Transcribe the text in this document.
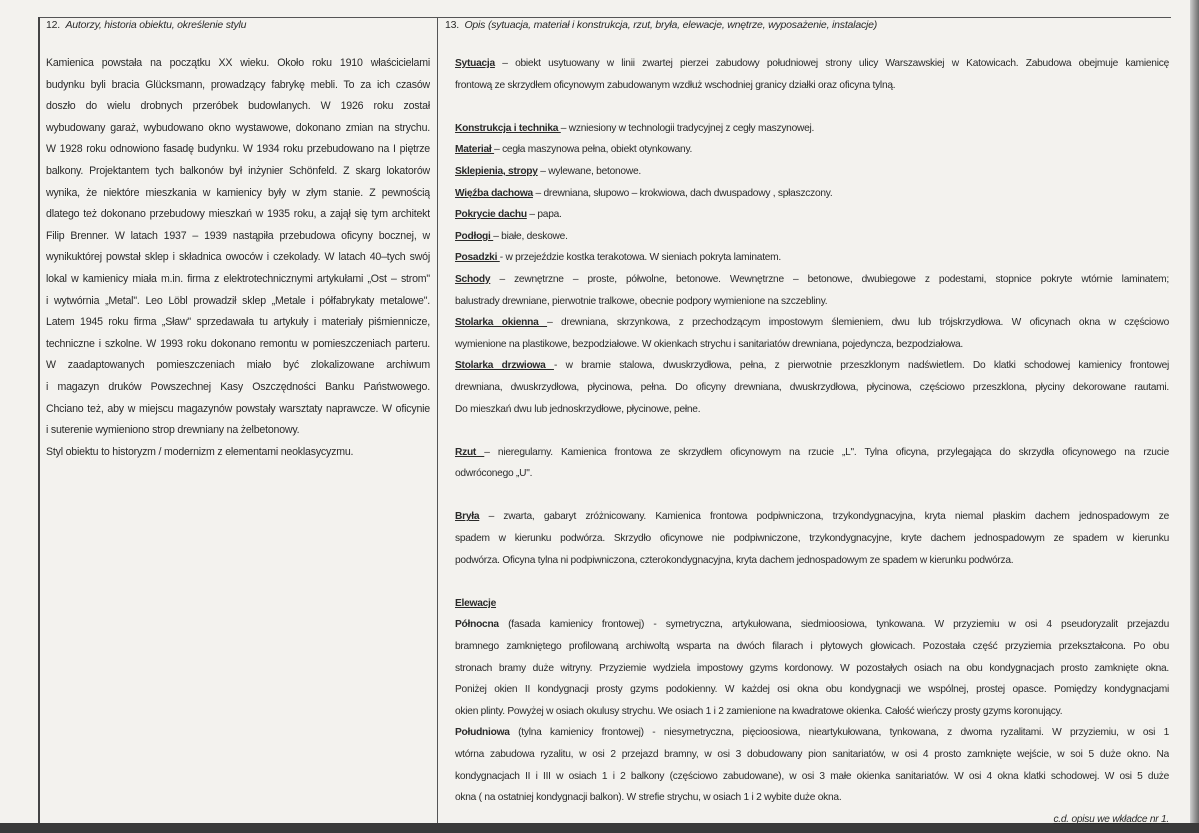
12. Autorzy, historia obiektu, określenie stylu	13. Opis (sytuacja, materiał i konstrukcja, rzut, bryła, elewacje, wnętrze, wyposażenie, instalacje)
Kamienica powstała na początku XX wieku. Około roku 1910 właścicielami
budynku byli bracia Glücksmann, prowadzący fabrykę mebli. To za ich czasów
doszło do wielu drobnych przeróbek budowlanych. W 1926 roku został
wybudowany garaż, wybudowano okno wystawowe, dokonano zmian na strychu.
W 1928 roku odnowiono fasadę budynku. W 1934 roku przebudowano na I piętrze
balkony. Projektantem tych balkonów był inżynier Schönfeld. Z skarg lokatorów
wynika, że niektóre mieszkania w kamienicy były w złym stanie. Z pewnością
dlatego też dokonano przebudowy mieszkań w 1935 roku, a zajął się tym architekt
Filip Brenner. W latach 1937 – 1939 nastąpiła przebudowa oficyny bocznej, w
wynikuktórej powstał sklep i składnica owoców i czekolady. W latach 40–tych swój
lokal w kamienicy miała m.in. firma z elektrotechnicznymi artykułami „Ost – strom"
i wytwórnia „Metal". Leo Löbl prowadził sklep „Metale i półfabrykaty metalowe".
Latem 1945 roku firma „Sław" sprzedawała tu artykuły i materiały piśmiennicze,
techniczne i szkolne. W 1993 roku dokonano remontu w pomieszczeniach parteru.
W zaadaptowanych pomieszczeniach miało być zlokalizowane archiwum
i magazyn druków Powszechnej Kasy Oszczędności Banku Państwowego.
Chciano też, aby w miejscu magazynów powstały warsztaty naprawcze. W oficynie
i suterenie wymieniono strop drewniany na żelbetonowy.
Styl obiektu to historyzm / modernizm z elementami neoklasycyzmu.
Sytuacja – obiekt usytuowany w linii zwartej pierzei zabudowy południowej strony ulicy Warszawskiej w Katowicach. Zabudowa obejmuje kamienicę
frontową ze skrzydłem oficynowym zabudowanym wzdłuż wschodniej granicy działki oraz oficyna tylną.
Konstrukcja i technika – wzniesiony w technologii tradycyjnej z cegły maszynowej.
Materiał – cegła maszynowa pełna, obiekt otynkowany.
Sklepienia, stropy – wylewane, betonowe.
Więźba dachowa – drewniana, słupowo – krokwiowa, dach dwuspadowy , spłaszczony.
Pokrycie dachu – papa.
Podłogi – białe, deskowe.
Posadzki - w przejeździe kostka terakotowa. W sieniach pokryta laminatem.
Schody – zewnętrzne – proste, półwolne, betonowe. Wewnętrzne – betonowe, dwubiegowe z podestami, stopnice pokryte wtórnie laminatem;
balustrady drewniane, pierwotnie tralkowe, obecnie podpory wymienione na szczebliny.
Stolarka okienna – drewniana, skrzynkowa, z przechodzącym impostowym ślemieniem, dwu lub trójskrzydłowa. W oficynach okna w częściowo
wymienione na plastikowe, bezpodziałowe. W okienkach strychu i sanitariatów drewniana, pojedyncza, bezpodziałowa.
Stolarka drzwiowa - w bramie stalowa, dwuskrzydłowa, pełna, z pierwotnie przeszklonym nadświetlem. Do klatki schodowej kamienicy frontowej
drewniana, dwuskrzydłowa, płycinowa, pełna. Do oficyny drewniana, dwuskrzydłowa, płycinowa, częściowo przeszklona, płyciny dekorowane rautami.
Do mieszkań dwu lub jednoskrzydłowe, płycinowe, pełne.
Rzut – nieregularny. Kamienica frontowa ze skrzydłem oficynowym na rzucie „L". Tylna oficyna, przylegająca do skrzydła oficynowego na rzucie
odwróconego „U".
Bryła – zwarta, gabaryt zróżnicowany. Kamienica frontowa podpiwniczona, trzykondygnacyjna, kryta niemal płaskim dachem jednospadowym ze
spadem w kierunku podwórza. Skrzydło oficynowe nie podpiwniczone, trzykondygnacyjne, kryte dachem jednospadowym ze spadem w kierunku
podwórza. Oficyna tylna ni podpiwniczona, czterokondygnacyjna, kryta dachem jednospadowym ze spadem w kierunku podwórza.
Elewacje
Północna (fasada kamienicy frontowej) - symetryczna, artykułowana, siedmioosiowa, tynkowana. W przyziemiu w osi 4 pseudoryzalit przejazdu
bramnego zamkniętego profilowaną archiwoltą wsparta na dwóch filarach i płytowych głowicach. Pozostała część przyziemia przekształcona. Po obu
stronach bramy duże witryny. Przyziemie wydziela impostowy gzyms kordonowy. W pozostałych osiach na obu kondygnacjach prosto zamknięte okna.
Poniżej okien II kondygnacji prosty gzyms podokienny. W każdej osi okna obu kondygnacji we wspólnej, prostej opasce. Pomiędzy kondygnacjami
okien plinty. Powyżej w osiach okulusy strychu. We osiach 1 i 2 zamienione na kwadratowe okienka. Całość wieńczy prosty gzyms koronujący.
Południowa (tylna kamienicy frontowej) - niesymetryczna, pięcioosiowa, nieartykułowana, tynkowana, z dwoma ryzalitami. W przyziemiu, w osi 1
wtórna zabudowa ryzalitu, w osi 2 przejazd bramny, w osi 3 dobudowany pion sanitariatów, w osi 4 prosto zamknięte wejście, w soi 5 duże okno. Na
kondygnacjach II i III w osiach 1 i 2 balkony (częściowo zabudowane), w osi 3 małe okienka sanitariatów. W osi 4 okna klatki schodowej. W osi 5 duże
okna ( na ostatniej kondygnacji balkon). W strefie strychu, w osiach 1 i 2 wybite duże okna.
c.d. opisu we wkładce nr 1.
